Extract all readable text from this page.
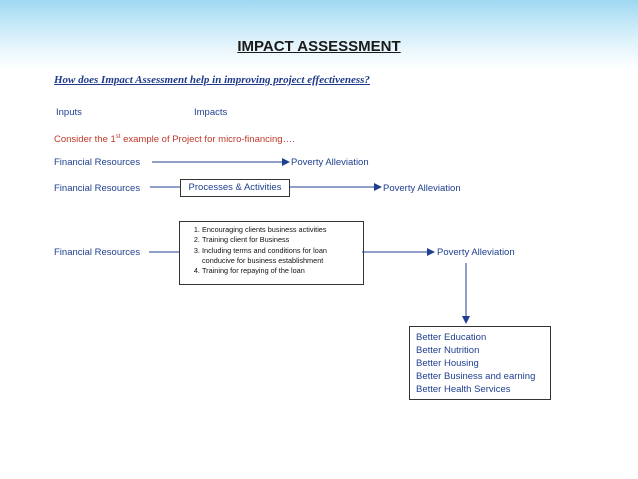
IMPACT ASSESSMENT
How does Impact Assessment help in improving project effectiveness?
Inputs	Impacts
Consider the 1st example of Project for micro-financing….
Financial Resources	Poverty Alleviation
Financial Resources	Processes & Activities	Poverty Alleviation
Financial Resources
1. Encouraging clients business activities
2. Training client for Business
3. Including terms and conditions for loan conducive for business establishment
4. Training for repaying of the loan
Poverty Alleviation
Better Education
Better Nutrition
Better Housing
Better Business and earning
Better Health Services
